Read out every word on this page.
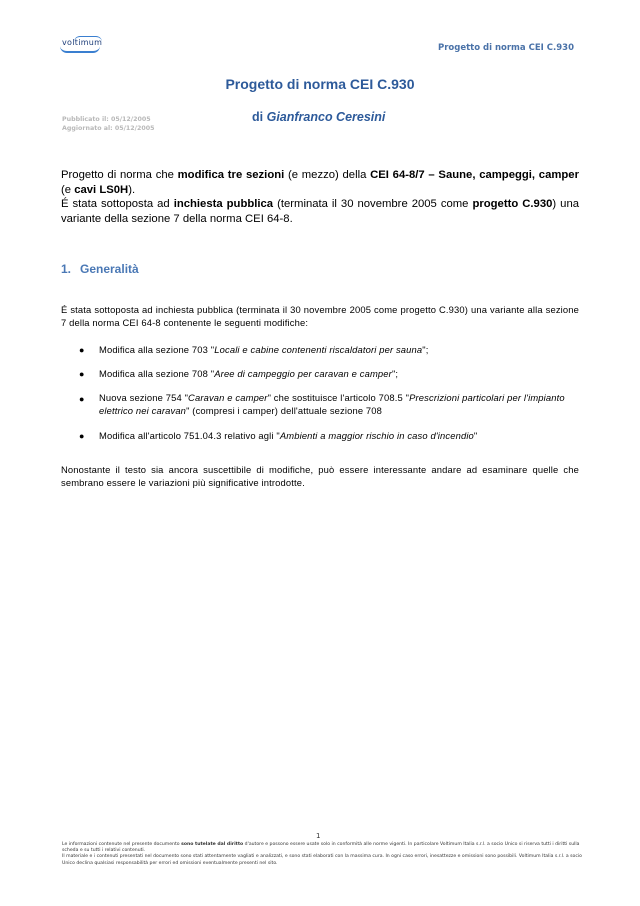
voltimum
Progetto di norma CEI C.930
Progetto di norma CEI C.930
di Gianfranco Ceresini
Pubblicato il: 05/12/2005
Aggiornato al: 05/12/2005
Progetto di norma che modifica tre sezioni (e mezzo) della CEI 64-8/7 – Saune, campeggi, camper (e cavi LS0H).
É stata sottoposta ad inchiesta pubblica (terminata il 30 novembre 2005 come progetto C.930) una variante della sezione 7 della norma CEI 64-8.
1. Generalità
É stata sottoposta ad inchiesta pubblica (terminata il 30 novembre 2005 come progetto C.930) una variante alla sezione 7 della norma CEI 64-8 contenente le seguenti modifiche:
● Modifica alla sezione 703 "Locali e cabine contenenti riscaldatori per sauna";
● Modifica alla sezione 708 "Aree di campeggio per caravan e camper";
● Nuova sezione 754 "Caravan e camper" che sostituisce l'articolo 708.5 "Prescrizioni particolari per l'impianto elettrico nei caravan" (compresi i camper) dell'attuale sezione 708
● Modifica all'articolo 751.04.3 relativo agli "Ambienti a maggior rischio in caso d'incendio"
Nonostante il testo sia ancora suscettibile di modifiche, può essere interessante andare ad esaminare quelle che sembrano essere le variazioni più significative introdotte.
1
Le informazioni contenute nel presente documento sono tutelate dal diritto d'autore e possono essere usate solo in conformità alle norme vigenti. In particolare Voltimum Italia s.r.l. a socio Unico si riserva tutti i diritti sulla scheda e su tutti i relativi contenuti.
Il materiale e i contenuti presentati nel documento sono stati attentamente vagliati e analizzati, e sono stati elaborati con la massima cura. In ogni caso errori, inesattezze e omissioni sono possibili. Voltimum Italia s.r.l. a socio Unico declina qualsiasi responsabilità per errori ed omissioni eventualmente presenti nel sito.
